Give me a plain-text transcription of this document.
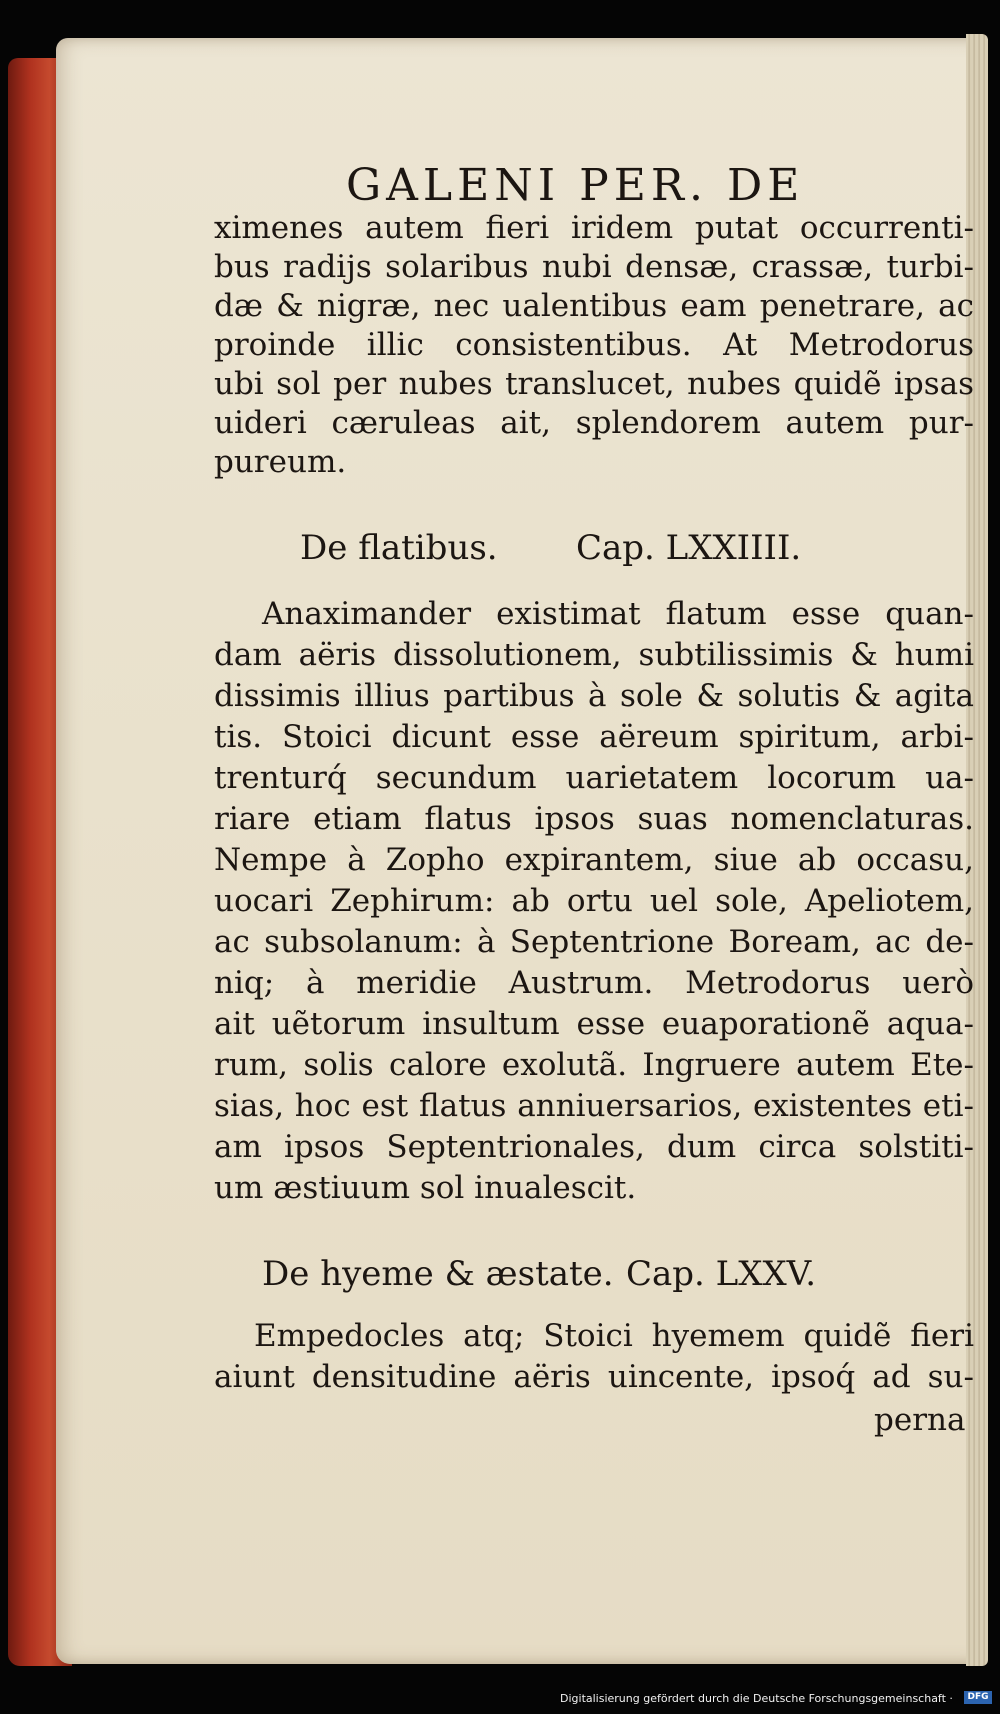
GALENI PER. DE
ximenes autem fieri iridem putat occurrenti-
bus radijs solaribus nubi densæ, crassæ, turbi-
dæ & nigræ, nec ualentibus eam penetrare, ac
proinde illic consistentibus. At Metrodorus
ubi sol per nubes translucet, nubes quidẽ ipsas
uideri cæruleas ait, splendorem autem pur-
pureum.
De flatibus. Cap. LXXIIII.
Anaximander existimat flatum esse quan-
dam aëris dissolutionem, subtilissimis & humi
dissimis illius partibus à sole & solutis & agita
tis. Stoici dicunt esse aëreum spiritum, arbi-
trenturq́ secundum uarietatem locorum ua-
riare etiam flatus ipsos suas nomenclaturas.
Nempe à Zopho expirantem, siue ab occasu,
uocari Zephirum: ab ortu uel sole, Apeliotem,
ac subsolanum: à Septentrione Boream, ac de-
niq; à meridie Austrum. Metrodorus uerò
ait uẽtorum insultum esse euaporationẽ aqua-
rum, solis calore exolutã. Ingruere autem Ete-
sias, hoc est flatus anniuersarios, existentes eti-
am ipsos Septentrionales, dum circa solstiti-
um æstiuum sol inualescit.
De hyeme & æstate. Cap. LXXV.
Empedocles atq; Stoici hyemem quidẽ fieri
aiunt densitudine aëris uincente, ipsoq́ ad su-
perna
Digitalisierung gefördert durch die Deutsche Forschungsgemeinschaft ·	DFG
